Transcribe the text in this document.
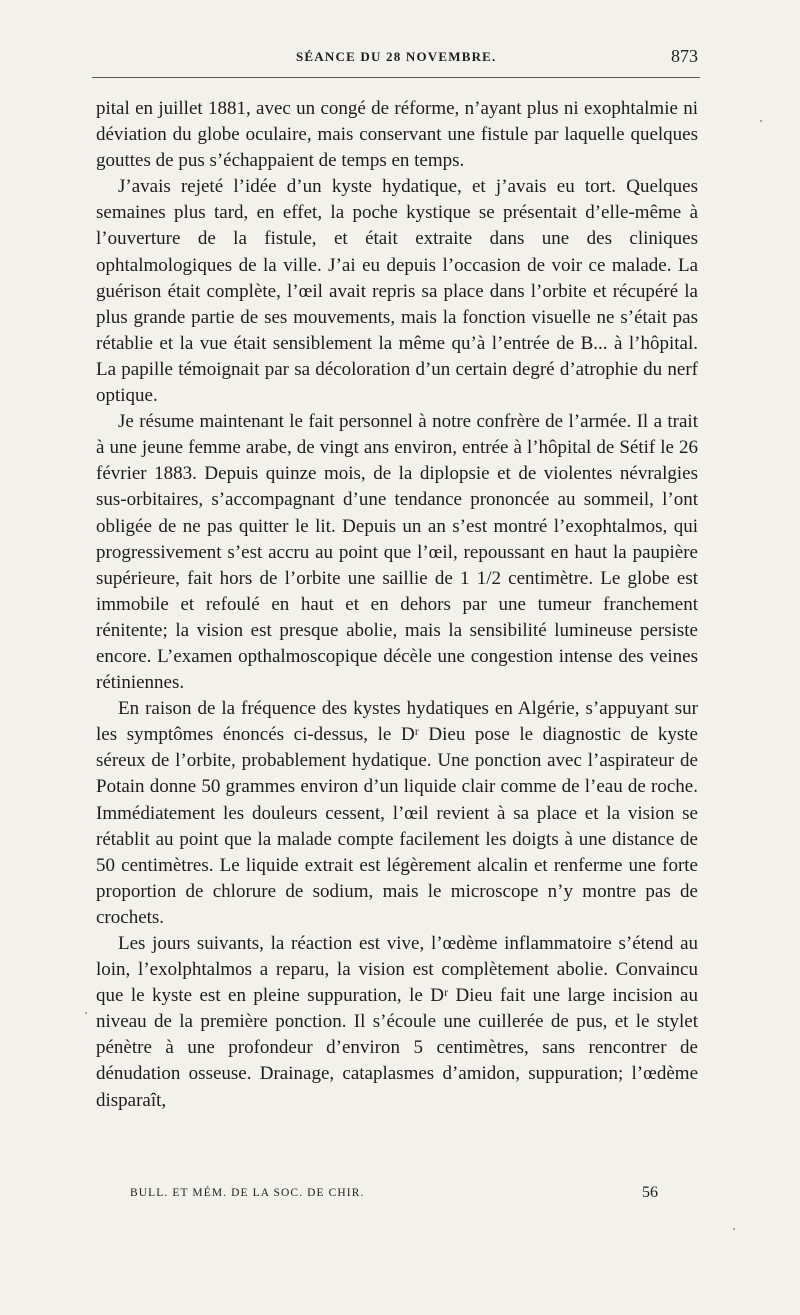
SÉANCE DU 28 NOVEMBRE.	873

pital en juillet 1881, avec un congé de réforme, n’ayant plus ni exophtalmie ni déviation du globe oculaire, mais conservant une fistule par laquelle quelques gouttes de pus s’échappaient de temps en temps.

J’avais rejeté l’idée d’un kyste hydatique, et j’avais eu tort. Quelques semaines plus tard, en effet, la poche kystique se présentait d’elle-même à l’ouverture de la fistule, et était extraite dans une des cliniques ophtalmologiques de la ville. J’ai eu depuis l’occasion de voir ce malade. La guérison était complète, l’œil avait repris sa place dans l’orbite et récupéré la plus grande partie de ses mouvements, mais la fonction visuelle ne s’était pas rétablie et la vue était sensiblement la même qu’à l’entrée de B... à l’hôpital. La papille témoignait par sa décoloration d’un certain degré d’atrophie du nerf optique.

Je résume maintenant le fait personnel à notre confrère de l’armée. Il a trait à une jeune femme arabe, de vingt ans environ, entrée à l’hôpital de Sétif le 26 février 1883. Depuis quinze mois, de la diplopsie et de violentes névralgies sus-orbitaires, s’accompagnant d’une tendance prononcée au sommeil, l’ont obligée de ne pas quitter le lit. Depuis un an s’est montré l’exophtalmos, qui progressivement s’est accru au point que l’œil, repoussant en haut la paupière supérieure, fait hors de l’orbite une saillie de 1 1/2 centimètre. Le globe est immobile et refoulé en haut et en dehors par une tumeur franchement rénitente; la vision est presque abolie, mais la sensibilité lumineuse persiste encore. L’examen opthalmoscopique décèle une congestion intense des veines rétiniennes.

En raison de la fréquence des kystes hydatiques en Algérie, s’appuyant sur les symptômes énoncés ci-dessus, le Dʳ Dieu pose le diagnostic de kyste séreux de l’orbite, probablement hydatique. Une ponction avec l’aspirateur de Potain donne 50 grammes environ d’un liquide clair comme de l’eau de roche. Immédiatement les douleurs cessent, l’œil revient à sa place et la vision se rétablit au point que la malade compte facilement les doigts à une distance de 50 centimètres. Le liquide extrait est légèrement alcalin et renferme une forte proportion de chlorure de sodium, mais le microscope n’y montre pas de crochets.

Les jours suivants, la réaction est vive, l’œdème inflammatoire s’étend au loin, l’exolphtalmos a reparu, la vision est complètement abolie. Convaincu que le kyste est en pleine suppuration, le Dʳ Dieu fait une large incision au niveau de la première ponction. Il s’écoule une cuillerée de pus, et le stylet pénètre à une profondeur d’environ 5 centimètres, sans rencontrer de dénudation osseuse. Drainage, cataplasmes d’amidon, suppuration; l’œdème disparaît,

BULL. ET MÉM. DE LA SOC. DE CHIR.	56
